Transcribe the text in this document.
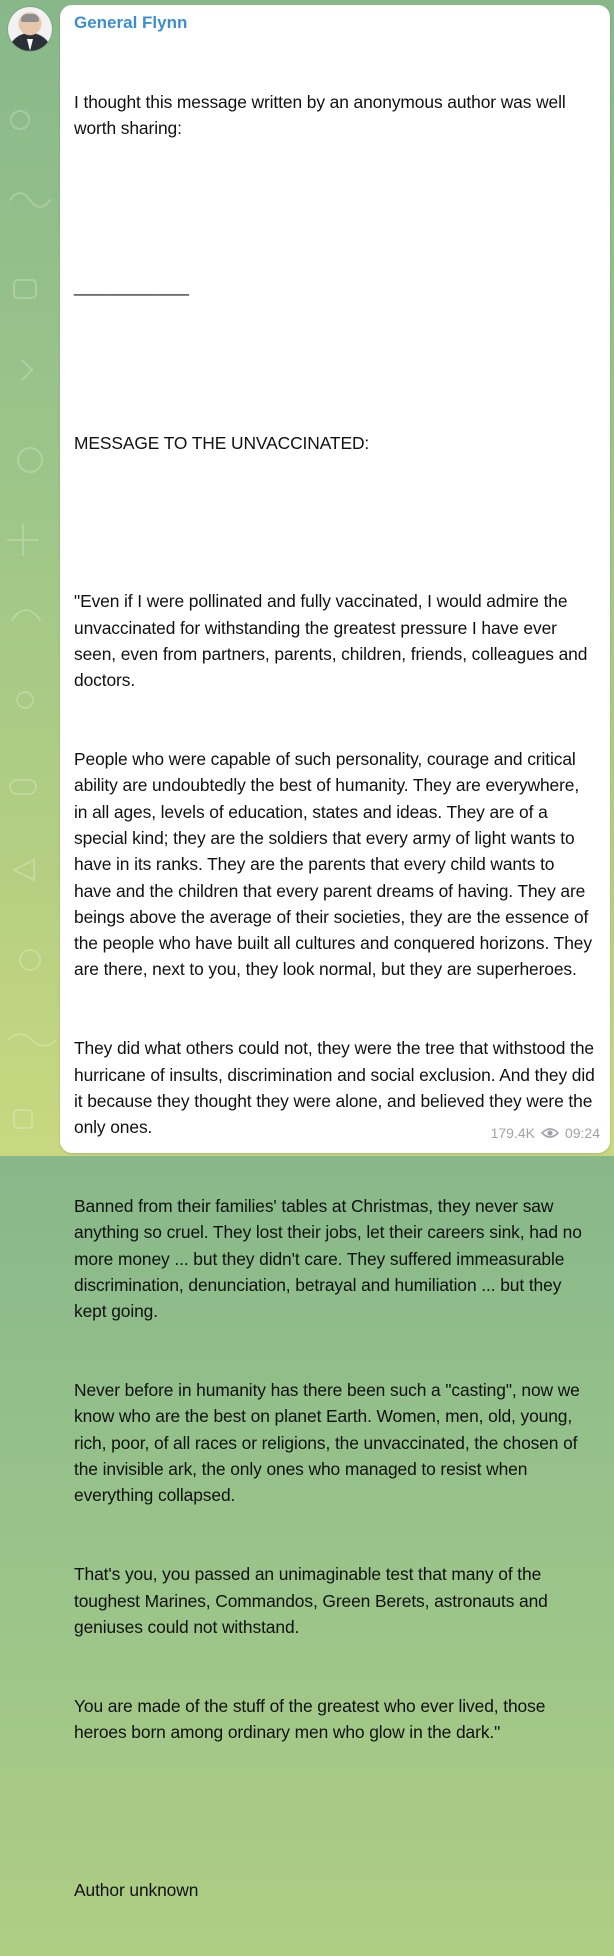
General Flynn

I thought this message written by an anonymous author was well worth sharing:

____________

MESSAGE TO THE UNVACCINATED:

"Even if I were pollinated and fully vaccinated, I would admire the unvaccinated for withstanding the greatest pressure I have ever seen, even from partners, parents, children, friends, colleagues and doctors.

People who were capable of such personality, courage and critical ability are undoubtedly the best of humanity. They are everywhere, in all ages, levels of education, states and ideas. They are of a special kind; they are the soldiers that every army of light wants to have in its ranks. They are the parents that every child wants to have and the children that every parent dreams of having. They are beings above the average of their societies, they are the essence of the people who have built all cultures and conquered horizons. They are there, next to you, they look normal, but they are superheroes.

They did what others could not, they were the tree that withstood the hurricane of insults, discrimination and social exclusion. And they did it because they thought they were alone, and believed they were the only ones.

Banned from their families' tables at Christmas, they never saw anything so cruel. They lost their jobs, let their careers sink, had no more money ... but they didn't care. They suffered immeasurable discrimination, denunciation, betrayal and humiliation ... but they kept going.

Never before in humanity has there been such a "casting", now we know who are the best on planet Earth. Women, men, old, young, rich, poor, of all races or religions, the unvaccinated, the chosen of the invisible ark, the only ones who managed to resist when everything collapsed.

That's you, you passed an unimaginable test that many of the toughest Marines, Commandos, Green Berets, astronauts and geniuses could not withstand.

You are made of the stuff of the greatest who ever lived, those heroes born among ordinary men who glow in the dark."

Author unknown

179.4K 09:24
